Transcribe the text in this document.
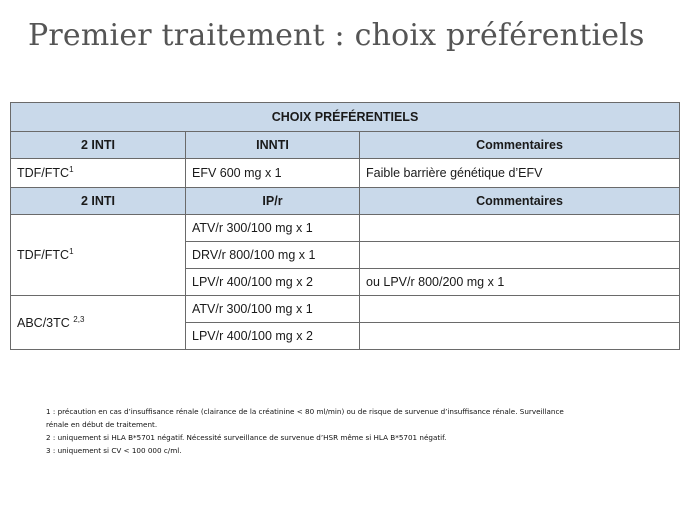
Premier traitement : choix préférentiels
CHOIX PRÉFÉRENTIELS		
2 INTI	INNTI	Commentaires
TDF/FTC$^1$	EFV 600 mg x 1	Faible barrière génétique d’EFV
2 INTI	IP/r	Commentaires
TDF/FTC$^1$	ATV/r 300/100 mg x 1	
	DRV/r 800/100 mg x 1	
	LPV/r 400/100 mg x 2	ou LPV/r 800/200 mg x 1
ABC/3TC $^{2,3}$	ATV/r 300/100 mg x 1	
	LPV/r 400/100 mg x 2	

1 : précaution en cas d’insuffisance rénale (clairance de la créatinine < 80 ml/min) ou de risque de survenue d’insuffisance rénale. Surveillance

rénale en début de traitement.

2 : uniquement si HLA B*5701 négatif. Nécessité surveillance de survenue d’HSR même si HLA B*5701 négatif.

3 : uniquement si CV < 100 000 c/ml.
